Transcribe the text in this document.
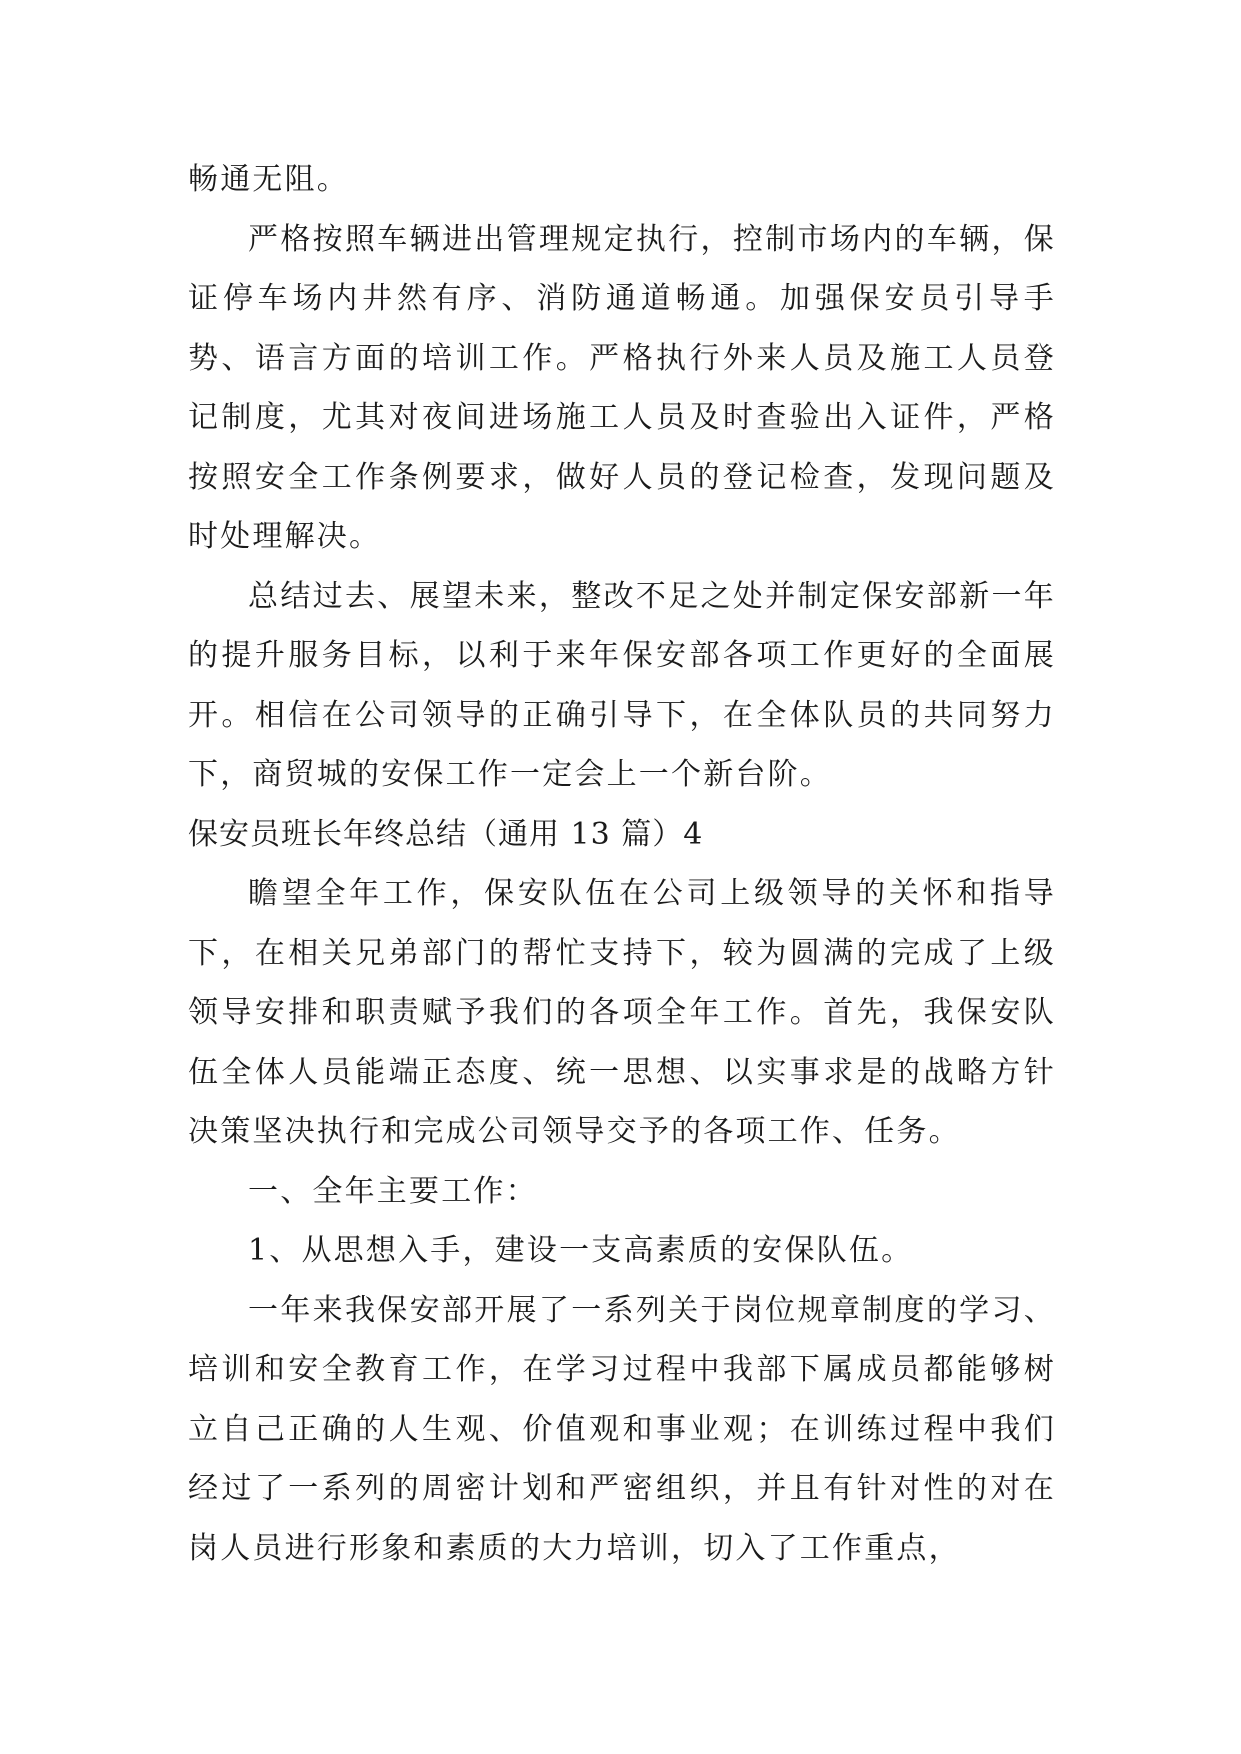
畅通无阻。

严格按照车辆进出管理规定执行，控制市场内的车辆，保证停车场内井然有序、消防通道畅通。加强保安员引导手势、语言方面的培训工作。严格执行外来人员及施工人员登记制度，尤其对夜间进场施工人员及时查验出入证件，严格按照安全工作条例要求，做好人员的登记检查，发现问题及时处理解决。

总结过去、展望未来，整改不足之处并制定保安部新一年的提升服务目标，以利于来年保安部各项工作更好的全面展开。相信在公司领导的正确引导下，在全体队员的共同努力下，商贸城的安保工作一定会上一个新台阶。

保安员班长年终总结（通用 13 篇）4

瞻望全年工作，保安队伍在公司上级领导的关怀和指导下，在相关兄弟部门的帮忙支持下，较为圆满的完成了上级领导安排和职责赋予我们的各项全年工作。首先，我保安队伍全体人员能端正态度、统一思想、以实事求是的战略方针决策坚决执行和完成公司领导交予的各项工作、任务。

一、全年主要工作：

1、从思想入手，建设一支高素质的安保队伍。

一年来我保安部开展了一系列关于岗位规章制度的学习、培训和安全教育工作，在学习过程中我部下属成员都能够树立自己正确的人生观、价值观和事业观；在训练过程中我们经过了一系列的周密计划和严密组织，并且有针对性的对在岗人员进行形象和素质的大力培训，切入了工作重点，
